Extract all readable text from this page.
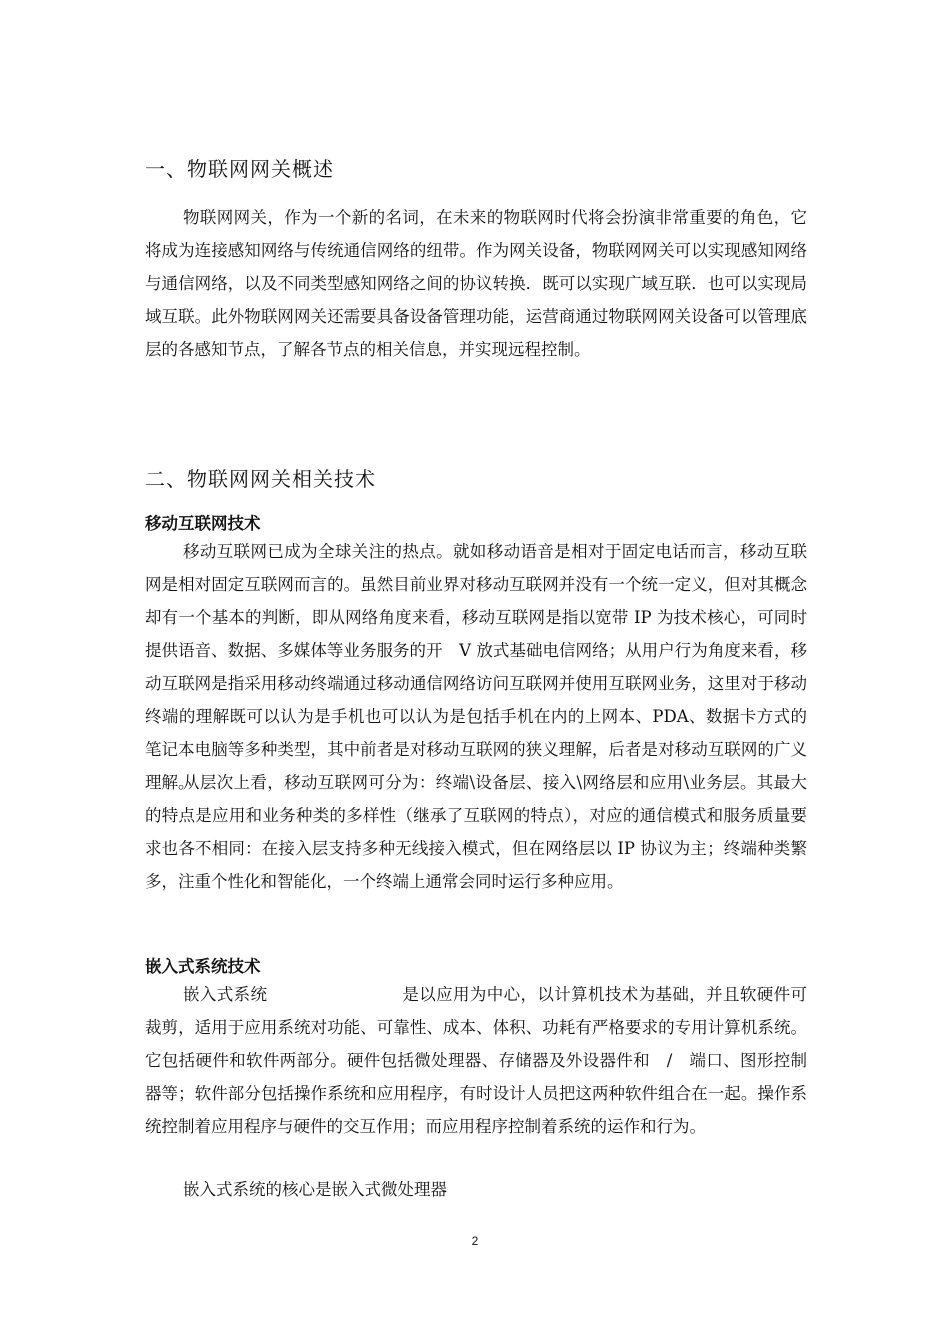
一、物联网网关概述

物联网网关，作为一个新的名词，在未来的物联网时代将会扮演非常重要的角色，它将成为连接感知网络与传统通信网络的纽带。作为网关设备，物联网网关可以实现感知网络与通信网络，以及不同类型感知网络之间的协议转换．既可以实现广域互联．也可以实现局域互联。此外物联网网关还需要具备设备管理功能，运营商通过物联网网关设备可以管理底层的各感知节点，了解各节点的相关信息，并实现远程控制。

二、物联网网关相关技术
移动互联网技术

移动互联网已成为全球关注的热点。就如移动语音是相对于固定电话而言，移动互联网是相对固定互联网而言的。虽然目前业界对移动互联网并没有一个统一定义，但对其概念却有一个基本的判断，即从网络角度来看，移动互联网是指以宽带 IP 为技术核心，可同时提供语音、数据、多媒体等业务服务的开　V 放式基础电信网络；从用户行为角度来看，移动互联网是指采用移动终端通过移动通信网络访问互联网并使用互联网业务，这里对于移动终端的理解既可以认为是手机也可以认为是包括手机在内的上网本、PDA、数据卡方式的笔记本电脑等多种类型，其中前者是对移动互联网的狭义理解，后者是对移动互联网的广义理解。

从层次上看，移动互联网可分为：终端\设备层、接入\网络层和应用\业务层。其最大的特点是应用和业务种类的多样性（继承了互联网的特点），对应的通信模式和服务质量要求也各不相同：在接入层支持多种无线接入模式，但在网络层以 IP 协议为主；终端种类繁多，注重个性化和智能化，一个终端上通常会同时运行多种应用。

嵌入式系统技术

嵌入式系统　　　　　　　　是以应用为中心，以计算机技术为基础，并且软硬件可裁剪，适用于应用系统对功能、可靠性、成本、体积、功耗有严格要求的专用计算机系统。它包括硬件和软件两部分。硬件包括微处理器、存储器及外设器件和　/　端口、图形控制器等；软件部分包括操作系统和应用程序，有时设计人员把这两种软件组合在一起。操作系统控制着应用程序与硬件的交互作用；而应用程序控制着系统的运作和行为。

嵌入式系统的核心是嵌入式微处理器

2
